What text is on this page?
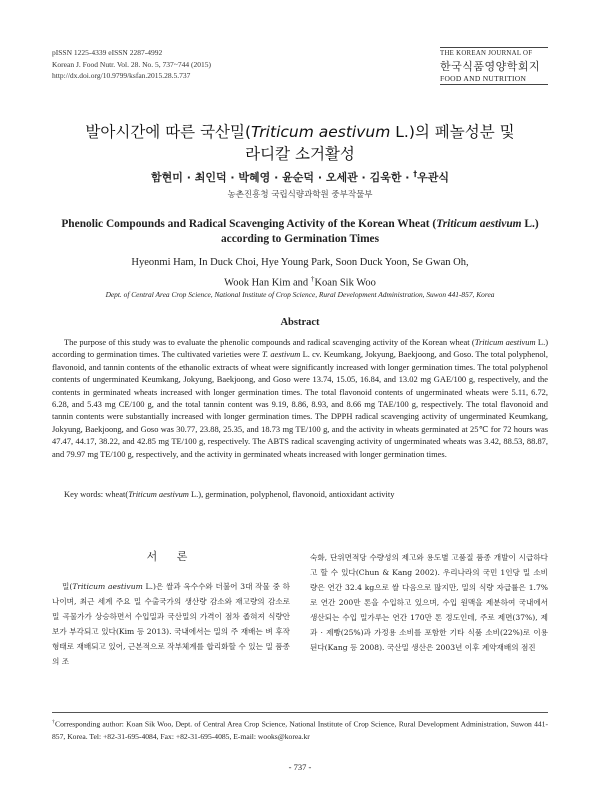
pISSN 1225-4339 eISSN 2287-4992
Korean J. Food Nutr. Vol. 28. No. 5, 737~744 (2015)
http://dx.doi.org/10.9799/ksfan.2015.28.5.737
THE KOREAN JOURNAL OF
한국식품영양학회지
FOOD AND NUTRITION
발아시간에 따른 국산밀(Triticum aestivum L.)의 페놀성분 및
라디칼 소거활성
함현미 · 최인덕 · 박혜영 · 윤순덕 · 오세관 · 김욱한 · †우관식
농촌진흥청 국립식량과학원 중부작물부
Phenolic Compounds and Radical Scavenging Activity of the Korean Wheat (Triticum aestivum L.)
according to Germination Times
Hyeonmi Ham, In Duck Choi, Hye Young Park, Soon Duck Yoon, Se Gwan Oh,
Wook Han Kim and †Koan Sik Woo
Dept. of Central Area Crop Science, National Institute of Crop Science, Rural Development Administration, Suwon 441-857, Korea
Abstract

The purpose of this study was to evaluate the phenolic compounds and radical scavenging activity of the Korean wheat (Triticum aestivum L.) according to germination times. The cultivated varieties were T. aestivum L. cv. Keumkang, Jokyung, Baekjoong, and Goso. The total polyphenol, flavonoid, and tannin contents of the ethanolic extracts of wheat were significantly increased with longer germination times. The total polyphenol contents of ungerminated Keumkang, Jokyung, Baekjoong, and Goso were 13.74, 15.05, 16.84, and 13.02 mg GAE/100 g, respectively, and the contents in germinated wheats increased with longer germination times. The total flavonoid contents of ungerminated wheats were 5.11, 6.72, 6.28, and 5.43 mg CE/100 g, and the total tannin content was 9.19, 8.86, 8.93, and 8.66 mg TAE/100 g, respectively. The total flavonoid and tannin contents were substantially increased with longer germination times. The DPPH radical scavenging activity of ungerminated Keumkang, Jokyung, Baekjoong, and Goso was 30.77, 23.88, 25.35, and 18.73 mg TE/100 g, and the activity in wheats germinated at 25℃ for 72 hours was 47.47, 44.17, 38.22, and 42.85 mg TE/100 g, respectively. The ABTS radical scavenging activity of ungerminated wheats was 3.42, 88.53, 88.87, and 79.97 mg TE/100 g, respectively, and the activity in germinated wheats increased with longer germination times.

Key words: wheat(Triticum aestivum L.), germination, polyphenol, flavonoid, antioxidant activity
서 론

밀(Triticum aestivum L.)은 쌀과 옥수수와 더불어 3대 작물 중 하나이며, 최근 세계 주요 밀 수출국가의 생산량 감소와 재고량의 감소로 밀 곡물가가 상승하면서 수입밀과 국산밀의 가격이 점차 좁혀져 식량안보가 부각되고 있다(Kim 등 2013). 국내에서는 밀의 주 재배는 벼 후작 형태로 재배되고 있어, 근본적으로 작부체계를 합리화할 수 있는 밀 품종의 조

숙화, 단위면적당 수량성의 제고와 용도별 고품질 품종 개발이 시급하다고 할 수 있다(Chun & Kang 2002). 우리나라의 국민 1인당 밀 소비량은 연간 32.4 kg으로 쌀 다음으로 많지만, 밀의 식량 자급률은 1.7%로 연간 200만 톤을 수입하고 있으며, 수입 원맥을 제분하여 국내에서 생산되는 수입 밀가루는 연간 170만 톤 정도인데, 주로 제면(37%), 제과 · 제빵(25%)과 가정용 소비를 포함한 기타 식품 소비(22%)로 이용된다(Kang 등 2008). 국산밀 생산은 2003년 이후 계약재배의 점진

†Corresponding author: Koan Sik Woo, Dept. of Central Area Crop Science, National Institute of Crop Science, Rural Development Administration, Suwon 441-857, Korea. Tel: +82-31-695-4084, Fax: +82-31-695-4085, E-mail: wooks@korea.kr
- 737 -
